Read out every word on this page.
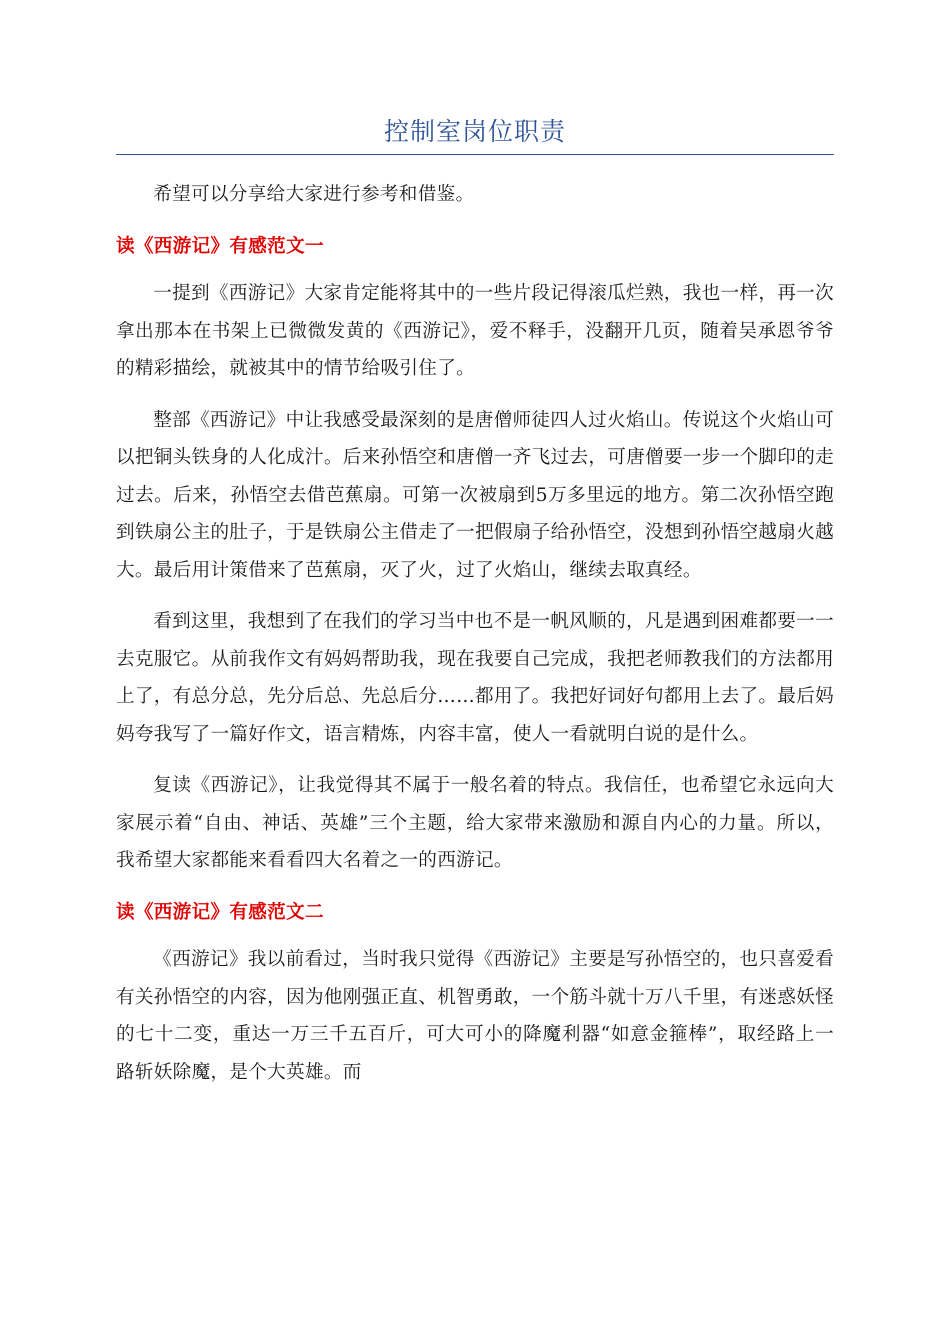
控制室岗位职责

希望可以分享给大家进行参考和借鉴。

读《西游记》有感范文一

一提到《西游记》大家肯定能将其中的一些片段记得滚瓜烂熟，我也一样，再一次拿出那本在书架上已微微发黄的《西游记》，爱不释手，没翻开几页，随着吴承恩爷爷的精彩描绘，就被其中的情节给吸引住了。

整部《西游记》中让我感受最深刻的是唐僧师徒四人过火焰山。传说这个火焰山可以把铜头铁身的人化成汁。后来孙悟空和唐僧一齐飞过去，可唐僧要一步一个脚印的走过去。后来，孙悟空去借芭蕉扇。可第一次被扇到5万多里远的地方。第二次孙悟空跑到铁扇公主的肚子，于是铁扇公主借走了一把假扇子给孙悟空，没想到孙悟空越扇火越大。最后用计策借来了芭蕉扇，灭了火，过了火焰山，继续去取真经。

看到这里，我想到了在我们的学习当中也不是一帆风顺的，凡是遇到困难都要一一去克服它。从前我作文有妈妈帮助我，现在我要自己完成，我把老师教我们的方法都用上了，有总分总，先分后总、先总后分……都用了。我把好词好句都用上去了。最后妈妈夸我写了一篇好作文，语言精炼，内容丰富，使人一看就明白说的是什么。

复读《西游记》，让我觉得其不属于一般名着的特点。我信任，也希望它永远向大家展示着“自由、神话、英雄”三个主题，给大家带来激励和源自内心的力量。所以，我希望大家都能来看看四大名着之一的西游记。

读《西游记》有感范文二

《西游记》我以前看过，当时我只觉得《西游记》主要是写孙悟空的，也只喜爱看有关孙悟空的内容，因为他刚强正直、机智勇敢，一个筋斗就十万八千里，有迷惑妖怪的七十二变，重达一万三千五百斤，可大可小的降魔利器“如意金箍棒”，取经路上一路斩妖除魔，是个大英雄。而
